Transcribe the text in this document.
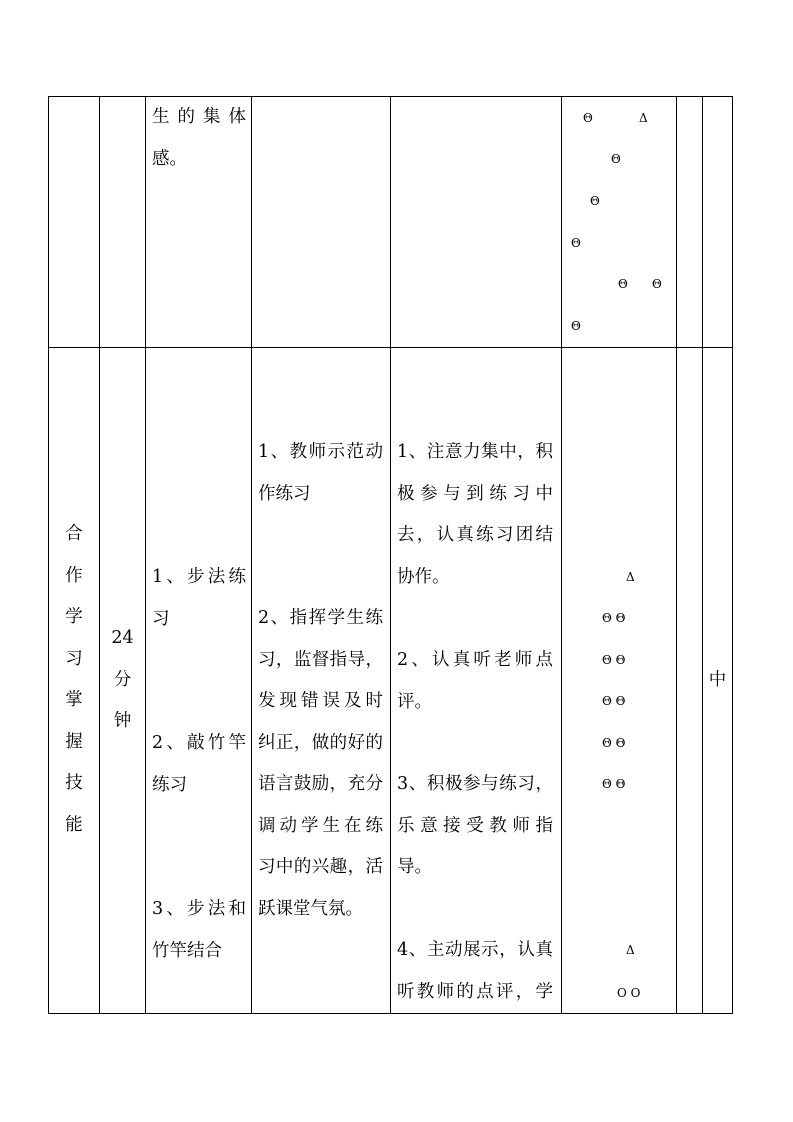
生的集体
感。
Θ	Δ
Θ
Θ
Θ
Θ Θ
Θ
合
作
学
习
掌
握
技
能
24
分
钟
1、步法练
习
2、敲竹竿
练习
3、步法和
竹竿结合
1、教师示范动
作练习
2、指挥学生练
习，监督指导，
发现错误及时
纠正，做的好的
语言鼓励，充分
调动学生在练
习中的兴趣，活
跃课堂气氛。
1、注意力集中，积
极参与到练习中
去，认真练习团结
协作。
2、认真听老师点
评。
3、积极参与练习，
乐意接受教师指
导。
4、主动展示，认真
听教师的点评，学
Δ
Θ Θ
Θ Θ
Θ Θ
Θ Θ
Θ Θ
Δ
O O
中
